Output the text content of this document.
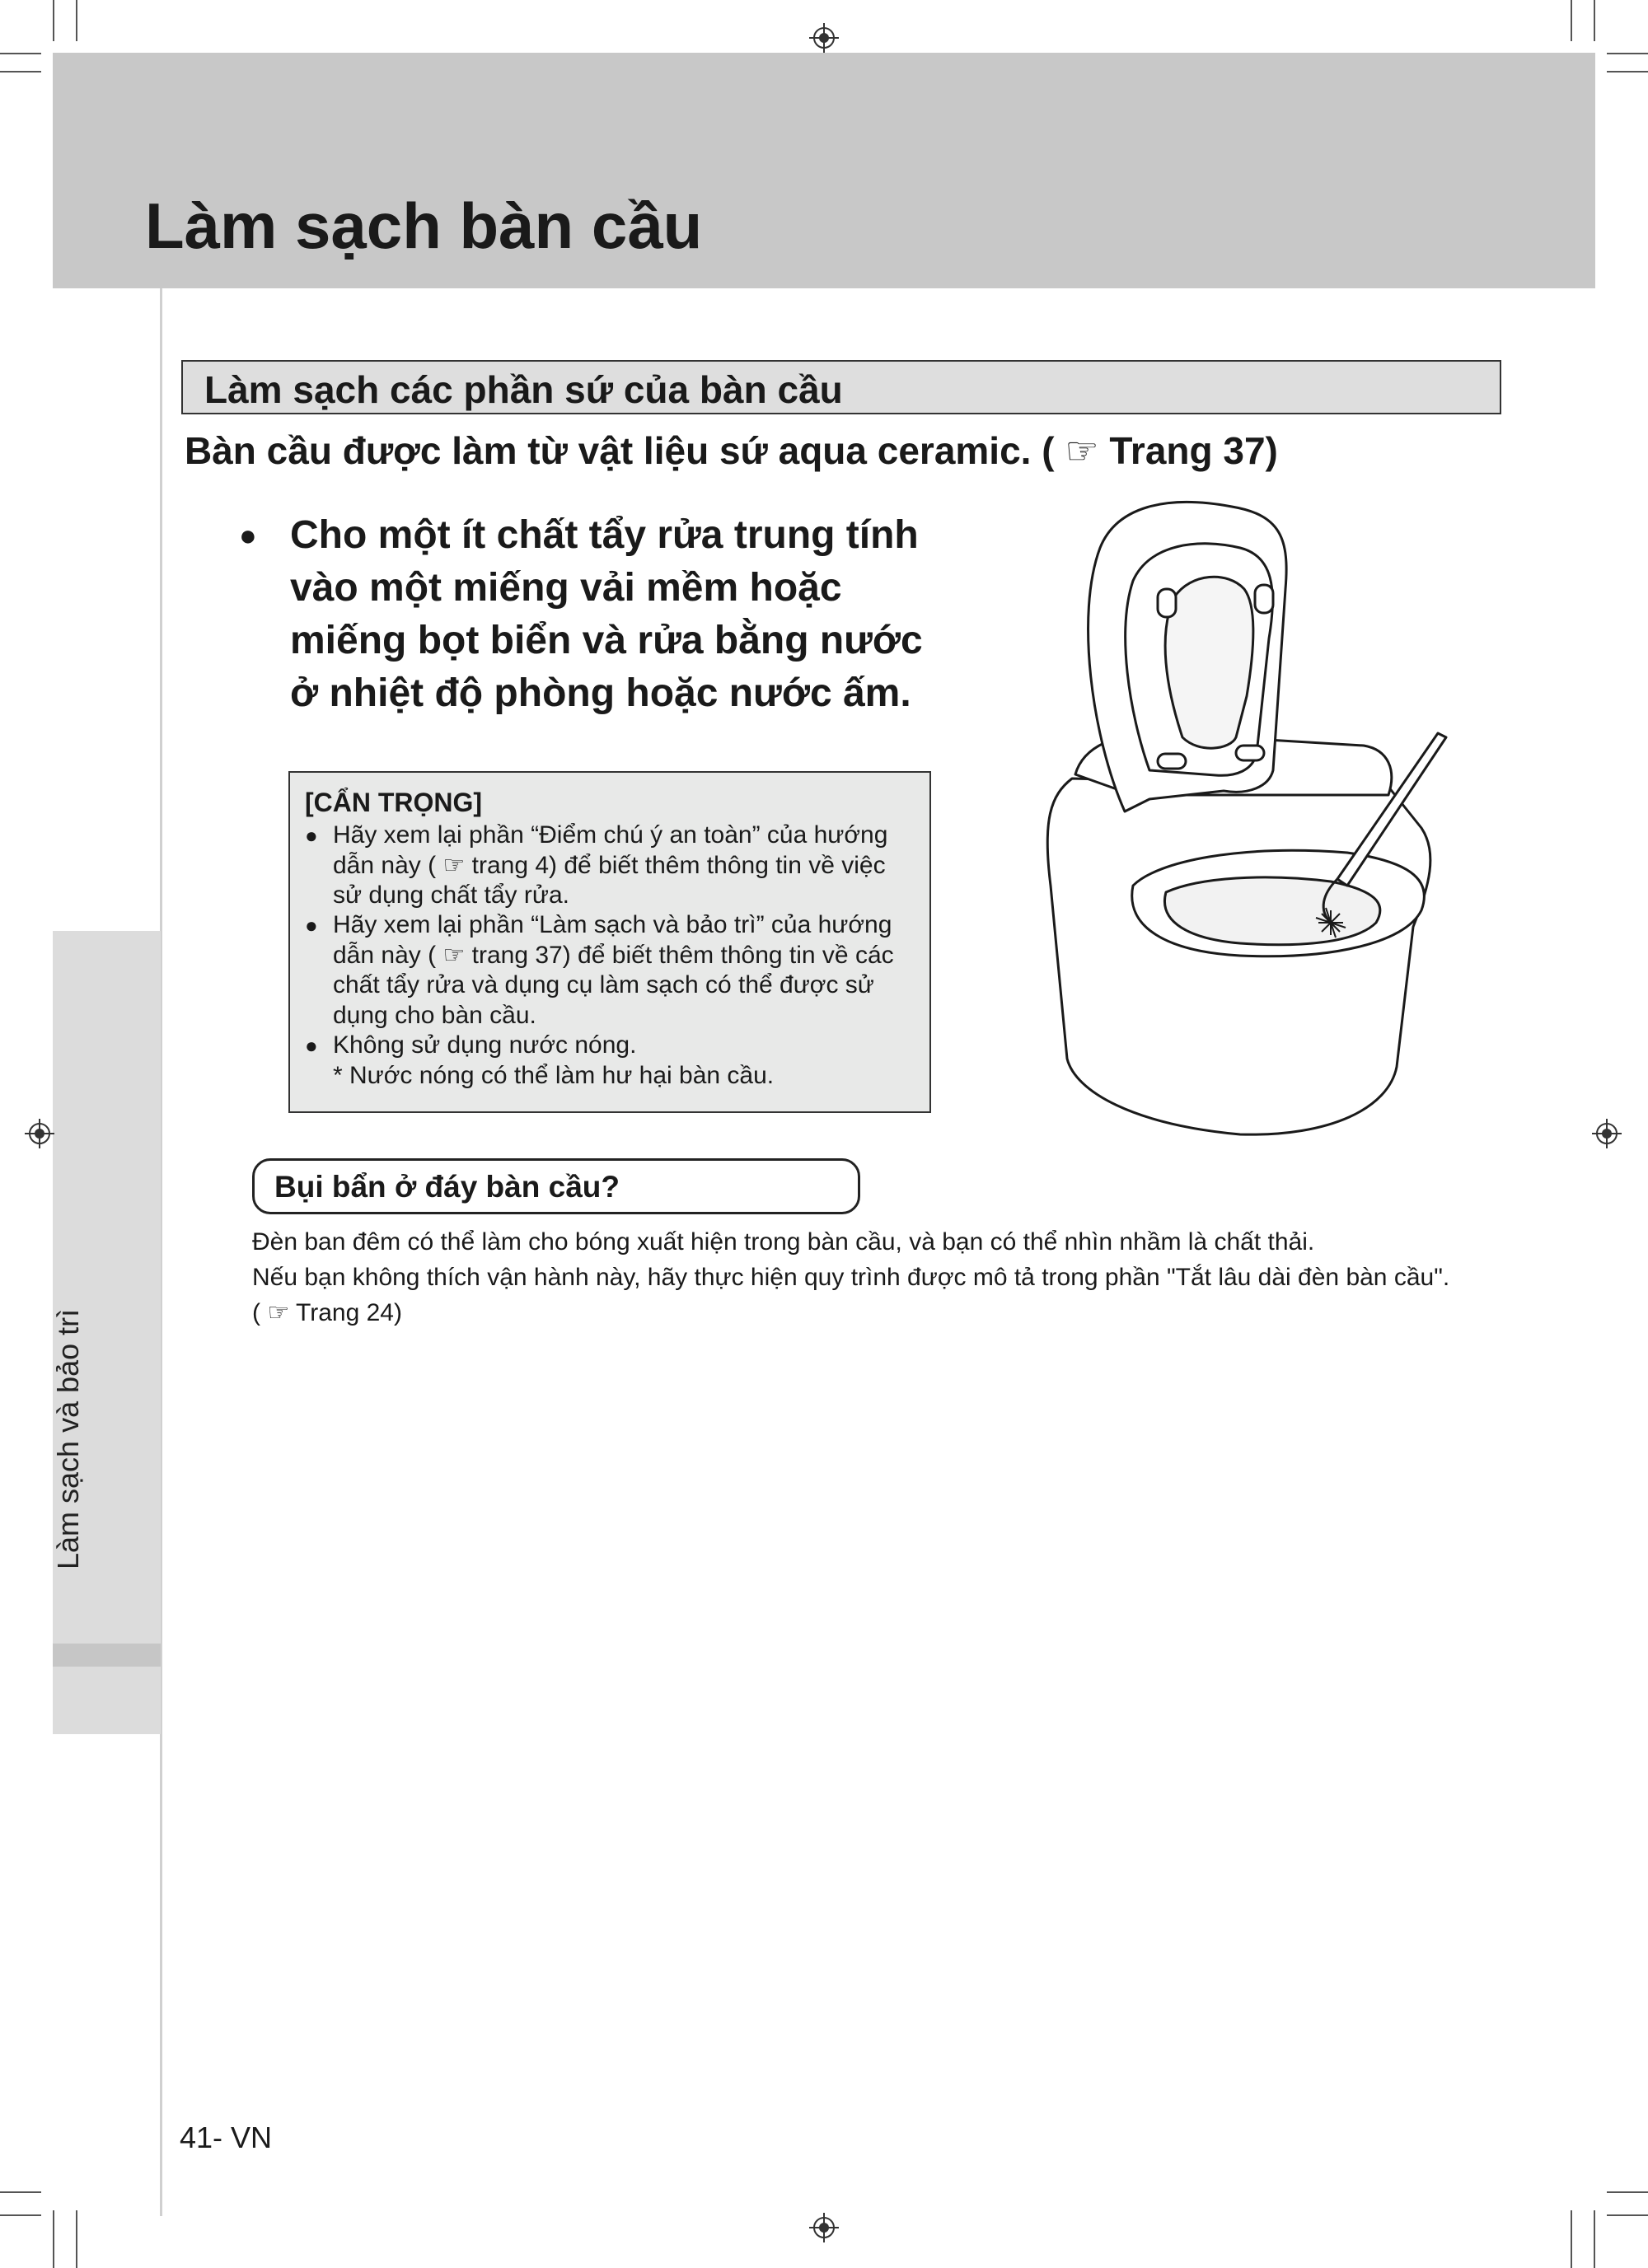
Làm sạch bàn cầu
Làm sạch và bảo trì
Làm sạch các phần sứ của bàn cầu
Bàn cầu được làm từ vật liệu sứ aqua ceramic. ( ☞ Trang 37)
● Cho một ít chất tẩy rửa trung tính
vào một miếng vải mềm hoặc
miếng bọt biển và rửa bằng nước
ở nhiệt độ phòng hoặc nước ấm.
[CẨN TRỌNG]
● Hãy xem lại phần “Điểm chú ý an toàn” của hướng
dẫn này ( ☞ trang 4) để biết thêm thông tin về việc
sử dụng chất tẩy rửa.
● Hãy xem lại phần “Làm sạch và bảo trì” của hướng
dẫn này ( ☞ trang 37) để biết thêm thông tin về các
chất tẩy rửa và dụng cụ làm sạch có thể được sử
dụng cho bàn cầu.
● Không sử dụng nước nóng.
* Nước nóng có thể làm hư hại bàn cầu.
Bụi bẩn ở đáy bàn cầu?
Đèn ban đêm có thể làm cho bóng xuất hiện trong bàn cầu, và bạn có thể nhìn nhầm là chất thải.
Nếu bạn không thích vận hành này, hãy thực hiện quy trình được mô tả trong phần "Tắt lâu dài đèn bàn cầu".
( ☞ Trang 24)
41- VN
